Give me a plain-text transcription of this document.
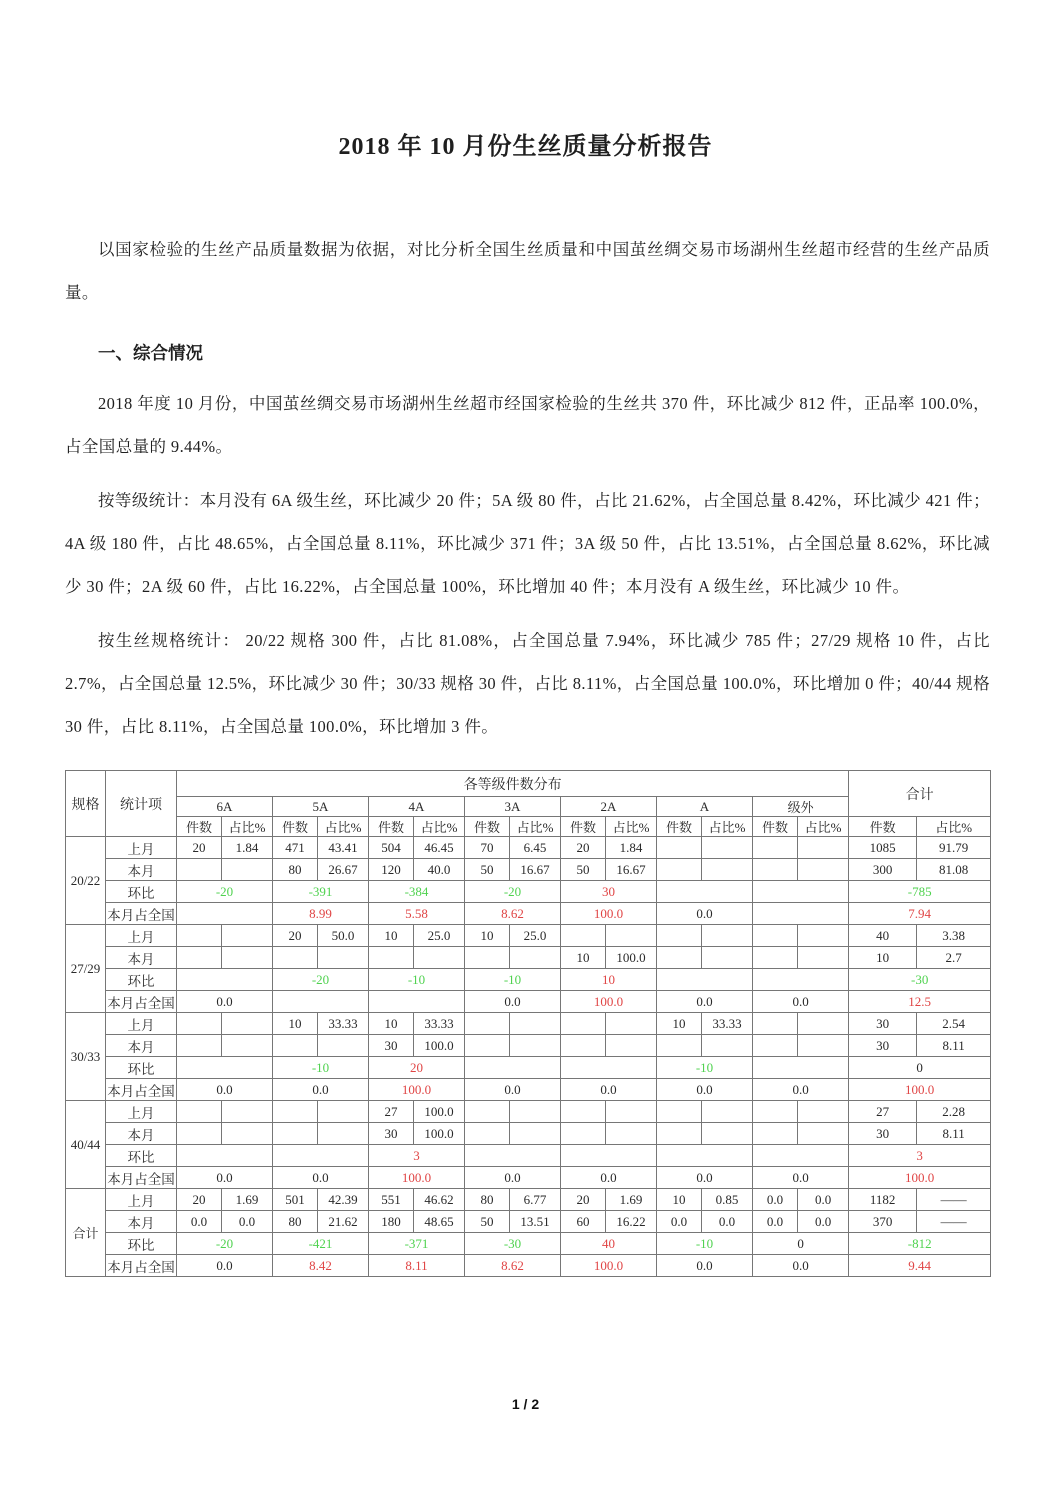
2018 年 10 月份生丝质量分析报告

以国家检验的生丝产品质量数据为依据，对比分析全国生丝质量和中国茧丝绸交易市场湖州生丝超市经营的生丝产品质量。

一、综合情况

2018 年度 10 月份，中国茧丝绸交易市场湖州生丝超市经国家检验的生丝共 370 件，环比减少 812 件，正品率 100.0%，占全国总量的 9.44%。

按等级统计：本月没有 6A 级生丝，环比减少 20 件；5A 级 80 件，占比 21.62%，占全国总量 8.42%，环比减少 421 件；4A 级 180 件，占比 48.65%，占全国总量 8.11%，环比减少 371 件；3A 级 50 件，占比 13.51%，占全国总量 8.62%，环比减少 30 件；2A 级 60 件，占比 16.22%，占全国总量 100%，环比增加 40 件；本月没有 A 级生丝，环比减少 10 件。

按生丝规格统计： 20/22 规格 300 件，占比 81.08%，占全国总量 7.94%，环比减少 785 件；27/29 规格 10 件，占比 2.7%，占全国总量 12.5%，环比减少 30 件；30/33 规格 30 件，占比 8.11%，占全国总量 100.0%，环比增加 0 件；40/44 规格 30 件，占比 8.11%，占全国总量 100.0%，环比增加 3 件。

规格	统计项	各等级件数分布														合计	
		6A		5A		4A		3A		2A		A		级外			
		件数	占比%	件数	占比%	件数	占比%	件数	占比%	件数	占比%	件数	占比%	件数	占比%	件数	占比%
20/22	上月	20	1.84	471	43.41	504	46.45	70	6.45	20	1.84					1085	91.79
	本月			80	26.67	120	40.0	50	16.67	50	16.67					300	81.08
	环比	-20		-391		-384		-20		30						-785	
	本月占全国			8.99		5.58		8.62		100.0		0.0				7.94	
27/29	上月			20	50.0	10	25.0	10	25.0							40	3.38
	本月									10	100.0					10	2.7
	环比			-20		-10		-10		10						-30	
	本月占全国	0.0						0.0		100.0		0.0		0.0		12.5	
30/33	上月			10	33.33	10	33.33					10	33.33			30	2.54
	本月					30	100.0									30	8.11
	环比			-10		20						-10				0	
	本月占全国	0.0		0.0		100.0		0.0		0.0		0.0		0.0		100.0	
40/44	上月					27	100.0									27	2.28
	本月					30	100.0									30	8.11
	环比					3										3	
	本月占全国	0.0		0.0		100.0		0.0		0.0		0.0		0.0		100.0	
合计	上月	20	1.69	501	42.39	551	46.62	80	6.77	20	1.69	10	0.85	0.0	0.0	1182	——
	本月	0.0	0.0	80	21.62	180	48.65	50	13.51	60	16.22	0.0	0.0	0.0	0.0	370	——
	环比	-20		-421		-371		-30		40		-10		0		-812	
	本月占全国	0.0		8.42		8.11		8.62		100.0		0.0		0.0		9.44	
1 / 2
